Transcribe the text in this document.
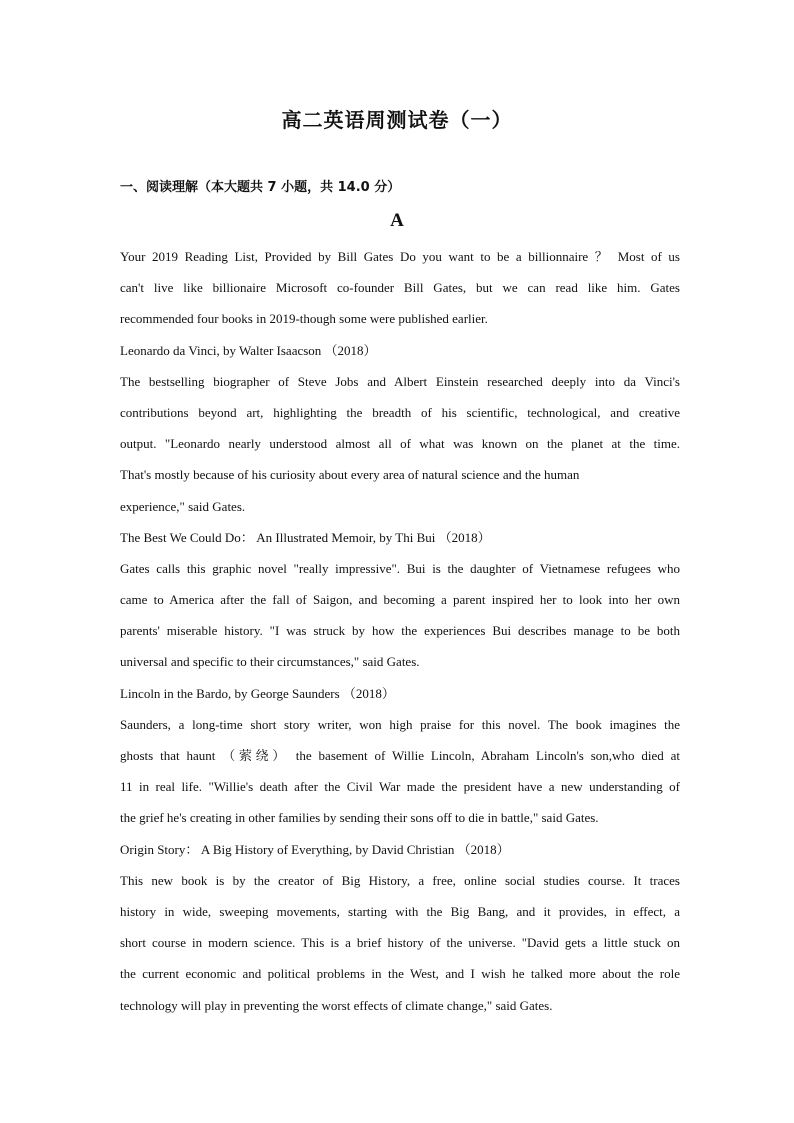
高二英语周测试卷（一）
一、阅读理解（本大题共 7 小题，共 14.0 分）
A
Your 2019 Reading List, Provided by Bill Gates Do you want to be a billionnaire ？ Most of us
can't live like billionaire Microsoft co-founder Bill Gates, but we can read like him. Gates
recommended four books in 2019-though some were published earlier.
Leonardo da Vinci, by Walter Isaacson （2018）
The bestselling biographer of Steve Jobs and Albert Einstein researched deeply into da Vinci's
contributions beyond art, highlighting the breadth of his scientific, technological, and creative
output. "Leonardo nearly understood almost all of what was known on the planet at the time.
That's mostly because of his curiosity about every area of natural science and the human
experience," said Gates.
The Best We Could Do： An Illustrated Memoir, by Thi Bui （2018）
Gates calls this graphic novel "really impressive". Bui is the daughter of Vietnamese refugees who
came to America after the fall of Saigon, and becoming a parent inspired her to look into her own
parents' miserable history. "I was struck by how the experiences Bui describes manage to be both
universal and specific to their circumstances," said Gates.
Lincoln in the Bardo, by George Saunders （2018）
Saunders, a long-time short story writer, won high praise for this novel. The book imagines the
ghosts that haunt （萦绕） the basement of Willie Lincoln, Abraham Lincoln's son,who died at
11 in real life. "Willie's death after the Civil War made the president have a new understanding of
the grief he's creating in other families by sending their sons off to die in battle," said Gates.
Origin Story： A Big History of Everything, by David Christian （2018）
This new book is by the creator of Big History, a free, online social studies course. It traces
history in wide, sweeping movements, starting with the Big Bang, and it provides, in effect, a
short course in modern science. This is a brief history of the universe. "David gets a little stuck on
the current economic and political problems in the West, and I wish he talked more about the role
technology will play in preventing the worst effects of climate change," said Gates.
